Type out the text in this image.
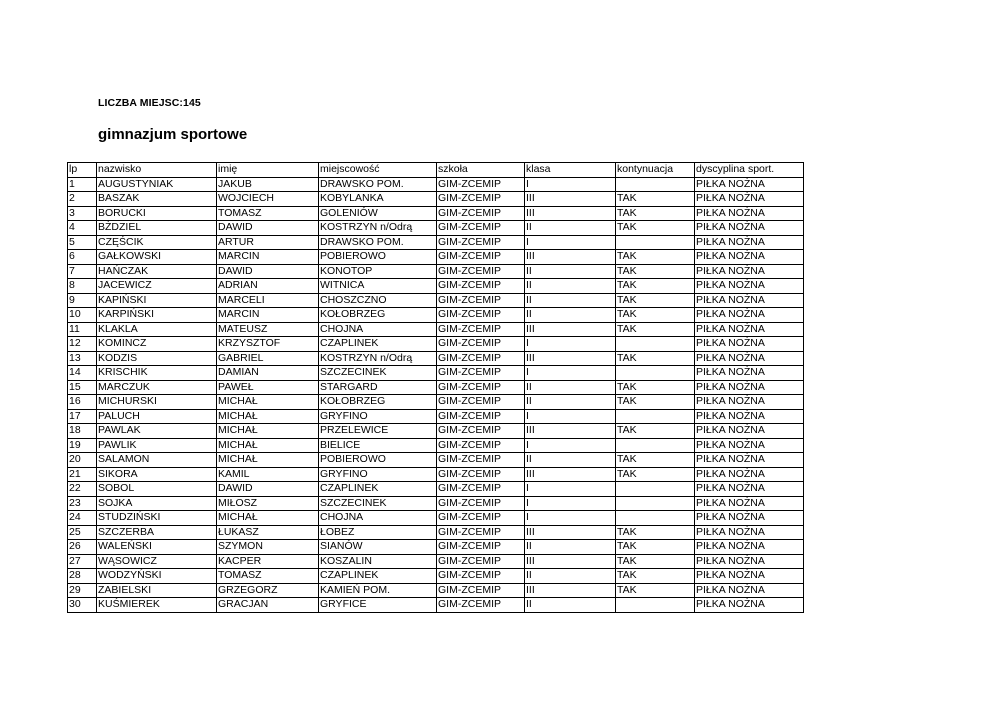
LICZBA MIEJSC:145
gimnazjum sportowe
lp	nazwisko	imię	miejscowość	szkoła	klasa	kontynuacja	dyscyplina sport.
1	AUGUSTYNIAK	JAKUB	DRAWSKO POM.	GIM-ZCEMIP	I		PIŁKA NOŻNA
2	BASZAK	WOJCIECH	KOBYLANKA	GIM-ZCEMIP	III	TAK	PIŁKA NOŻNA
3	BORUCKI	TOMASZ	GOLENIÓW	GIM-ZCEMIP	III	TAK	PIŁKA NOŻNA
4	BŻDZIEL	DAWID	KOSTRZYN n/Odrą	GIM-ZCEMIP	II	TAK	PIŁKA NOŻNA
5	CZĘŚCIK	ARTUR	DRAWSKO POM.	GIM-ZCEMIP	I		PIŁKA NOŻNA
6	GAŁKOWSKI	MARCIN	POBIEROWO	GIM-ZCEMIP	III	TAK	PIŁKA NOŻNA
7	HAŃCZAK	DAWID	KONOTOP	GIM-ZCEMIP	II	TAK	PIŁKA NOŻNA
8	JACEWICZ	ADRIAN	WITNICA	GIM-ZCEMIP	II	TAK	PIŁKA NOŻNA
9	KAPIŃSKI	MARCELI	CHOSZCZNO	GIM-ZCEMIP	II	TAK	PIŁKA NOŻNA
10	KARPIŃSKI	MARCIN	KOŁOBRZEG	GIM-ZCEMIP	II	TAK	PIŁKA NOŻNA
11	KLAKLA	MATEUSZ	CHOJNA	GIM-ZCEMIP	III	TAK	PIŁKA NOŻNA
12	KOMINCZ	KRZYSZTOF	CZAPLINEK	GIM-ZCEMIP	I		PIŁKA NOŻNA
13	KODZIS	GABRIEL	KOSTRZYN n/Odrą	GIM-ZCEMIP	III	TAK	PIŁKA NOŻNA
14	KRISCHIK	DAMIAN	SZCZECINEK	GIM-ZCEMIP	I		PIŁKA NOŻNA
15	MARCZUK	PAWEŁ	STARGARD	GIM-ZCEMIP	II	TAK	PIŁKA NOŻNA
16	MICHURSKI	MICHAŁ	KOŁOBRZEG	GIM-ZCEMIP	II	TAK	PIŁKA NOŻNA
17	PALUCH	MICHAŁ	GRYFINO	GIM-ZCEMIP	I		PIŁKA NOŻNA
18	PAWLAK	MICHAŁ	PRZELEWICE	GIM-ZCEMIP	III	TAK	PIŁKA NOŻNA
19	PAWLIK	MICHAŁ	BIELICE	GIM-ZCEMIP	I		PIŁKA NOŻNA
20	SALAMON	MICHAŁ	POBIEROWO	GIM-ZCEMIP	II	TAK	PIŁKA NOŻNA
21	SIKORA	KAMIL	GRYFINO	GIM-ZCEMIP	III	TAK	PIŁKA NOŻNA
22	SOBOL	DAWID	CZAPLINEK	GIM-ZCEMIP	I		PIŁKA NOŻNA
23	SOJKA	MIŁOSZ	SZCZECINEK	GIM-ZCEMIP	I		PIŁKA NOŻNA
24	STUDZIŃSKI	MICHAŁ	CHOJNA	GIM-ZCEMIP	I		PIŁKA NOŻNA
25	SZCZERBA	ŁUKASZ	ŁOBEZ	GIM-ZCEMIP	III	TAK	PIŁKA NOŻNA
26	WALEŃSKI	SZYMON	SIANÓW	GIM-ZCEMIP	II	TAK	PIŁKA NOŻNA
27	WĄSOWICZ	KACPER	KOSZALIN	GIM-ZCEMIP	III	TAK	PIŁKA NOŻNA
28	WODZYŃSKI	TOMASZ	CZAPLINEK	GIM-ZCEMIP	II	TAK	PIŁKA NOŻNA
29	ZABIELSKI	GRZEGORZ	KAMIEŃ POM.	GIM-ZCEMIP	III	TAK	PIŁKA NOŻNA
30	KUŚMIEREK	GRACJAN	GRYFICE	GIM-ZCEMIP	II		PIŁKA NOŻNA
